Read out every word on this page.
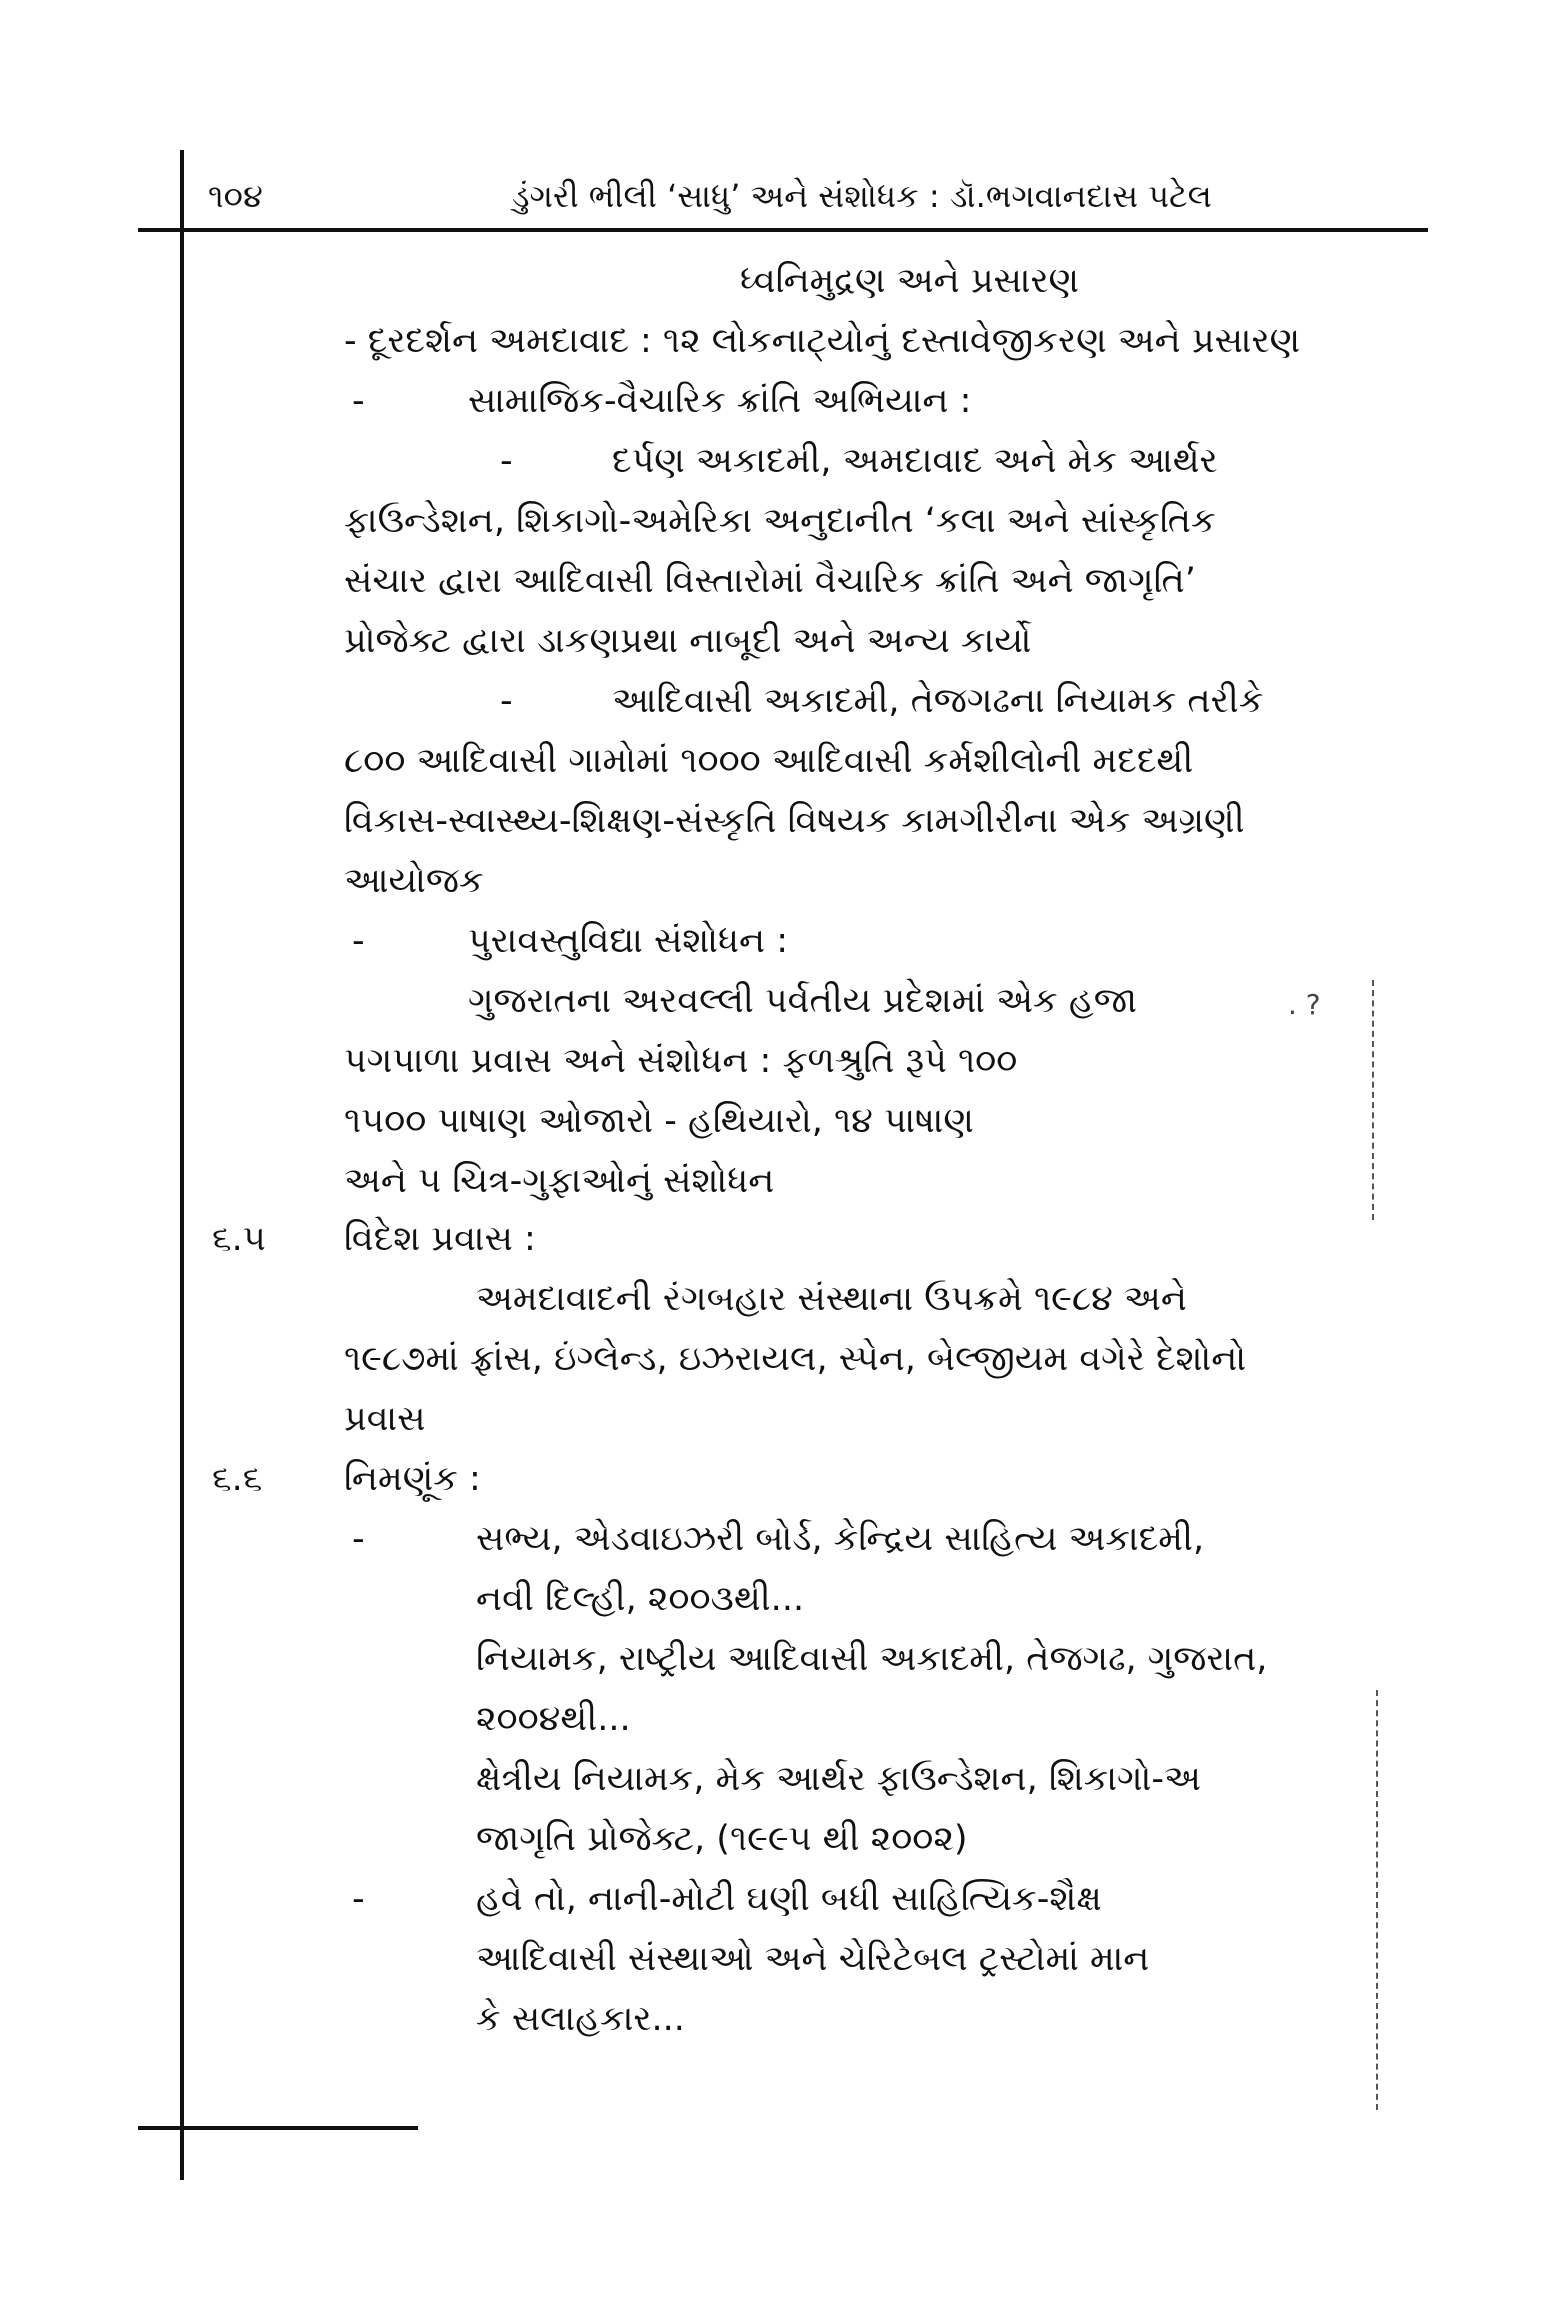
૧૦૪	ડુંગરી ભીલી ‘સાધુ’ અને સંશોધક : ડૉ.ભગવાનદાસ પટેલ
ધ્વનિમુદ્રણ અને પ્રસારણ
- દૂરદર્શન અમદાવાદ : ૧૨ લોકનાટ્યોનું દસ્તાવેજીકરણ અને પ્રસારણ
-	સામાજિક-વૈચારિક ક્રાંતિ અભિયાન :
-	દર્પણ અકાદમી, અમદાવાદ અને મેક આર્થર
ફાઉન્ડેશન, શિકાગો-અમેરિકા અનુદાનીત ‘કલા અને સાંસ્કૃતિક
સંચાર દ્વારા આદિવાસી વિસ્તારોમાં વૈચારિક ક્રાંતિ અને જાગૃતિ’
પ્રોજેક્ટ દ્વારા ડાકણપ્રથા નાબૂદી અને અન્ય કાર્યો
-	આદિવાસી અકાદમી, તેજગઢના નિયામક તરીકે
૮૦૦ આદિવાસી ગામોમાં ૧૦૦૦ આદિવાસી કર્મશીલોની મદદથી
વિકાસ-સ્વાસ્થ્ય-શિક્ષણ-સંસ્કૃતિ વિષયક કામગીરીના એક અગ્રણી
આયોજક
-	પુરાવસ્તુવિદ્યા સંશોધન :
ગુજરાતના અરવલ્લી પર્વતીય પ્રદેશમાં એક હજા	. ?
પગપાળા પ્રવાસ અને સંશોધન : ફળશ્રુતિ રૂપે ૧૦૦
૧૫૦૦ પાષાણ ઓજારો - હથિયારો, ૧૪ પાષાણ
અને ૫ ચિત્ર-ગુફાઓનું સંશોધન
૬.૫ વિદેશ પ્રવાસ :
અમદાવાદની રંગબહાર સંસ્થાના ઉપક્રમે ૧૯૮૪ અને
૧૯૮૭માં ફ્રાંસ, ઇંગ્લેન્ડ, ઇઝરાયલ, સ્પેન, બેલ્જીયમ વગેરે દેશોનો
પ્રવાસ
૬.૬ નિમણૂંક :
-	સભ્ય, એડવાઇઝરી બોર્ડ, કેન્દ્રિય સાહિત્ય અકાદમી,
નવી દિલ્હી, ૨૦૦૩થી...
નિયામક, રાષ્ટ્રીય આદિવાસી અકાદમી, તેજગઢ, ગુજરાત,
૨૦૦૪થી...
ક્ષેત્રીય નિયામક, મેક આર્થર ફાઉન્ડેશન, શિકાગો-અ
જાગૃતિ પ્રોજેક્ટ, (૧૯૯૫ થી ૨૦૦૨)
-	હવે તો, નાની-મોટી ઘણી બધી સાહિત્યિક-શૈક્ષ
આદિવાસી સંસ્થાઓ અને ચેરિટેબલ ટ્રસ્ટોમાં માન
કે સલાહકાર...
